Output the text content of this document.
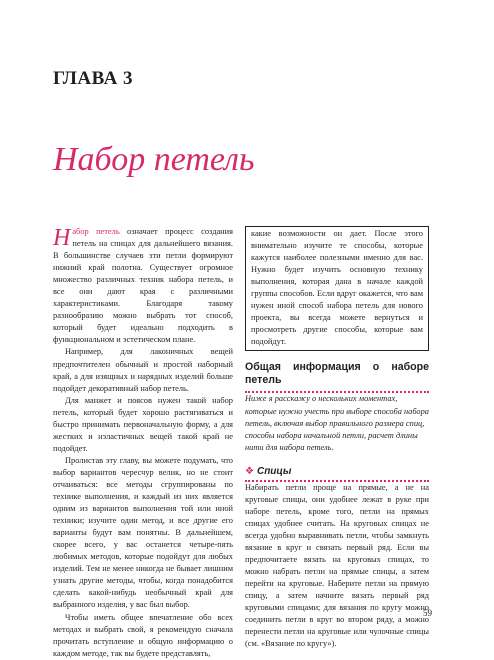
ГЛАВА 3
Набор петель

Набор петель означает процесс создания петель на спицах для дальнейшего вязания. В большинстве случаев эти петли формируют нижний край полотна. Существует огромное множество различных техник набора петель, и все они дают края с различными характеристиками. Благодаря такому разнообразию можно выбрать тот способ, который будет идеально подходить в функциональном и эстетическом плане.

Например, для лаконичных вещей предпочтителен обычный и простой наборный край, а для изящных и нарядных изделий больше подойдет декоративный набор петель.

Для манжет и поясов нужен такой набор петель, который будет хорошо растягиваться и быстро принимать первоначальную форму, а для жестких и нэластичных вещей такой край не подойдет.

Пролистав эту главу, вы можете подумать, что выбор вариантов чересчур велик, но не стоит отчаиваться: все методы сгруппированы по технике выполнения, и каждый из них является одним из вариантов выполнения той или иной техники; изучите один метод, и все другие его варианты будут вам понятны. В дальнейшем, скорее всего, у вас останется четыре-пять любимых методов, которые подойдут для любых изделий. Тем не менее никогда не бывает лишним узнать другие методы, чтобы, когда понадобится сделать какой-нибудь необычный край для выбранного изделия, у вас был выбор.

Чтобы иметь общее впечатление обо всех методах и выбрать свой, я рекомендую сначала прочитать вступление и общую информацию о каждом методе, так вы будете представлять,

какие возможности он дает. После этого внимательно изучите те способы, которые кажутся наиболее полезными именно для вас. Нужно будет изучить основную технику выполнения, которая дана в начале каждой группы способов. Если вдруг окажется, что вам нужен иной способ набора петель для нового проекта, вы всегда можете вернуться и просмотреть другие способы, которые вам подойдут.

Общая информация о наборе петель

Ниже я расскажу о нескольких моментах, которые нужно учесть при выборе способа набора петель, включая выбор правильного размера спиц, способы набора начальной петли, расчет длины нити для набора петель.

❖ Спицы

Набирать петли проще на прямые, а не на круговые спицы, они удобнее лежат в руке при наборе петель, кроме того, петли на прямых спицах удобнее считать. На круговых спицах не всегда удобно выравнивать петли, чтобы замкнуть вязание в круг и связать первый ряд. Если вы предпочитаете вязать на круговых спицах, то можно набрать петли на прямые спицы, а затем перейти на круговые. Наберите петли на прямую спицу, а затем начните вязать первый ряд круговыми спицами; для вязания по кругу можно соединить петли в круг во втором ряду, а можно перенести петли на круговые или чулочные спицы (см. «Вязание по кругу»).

59
